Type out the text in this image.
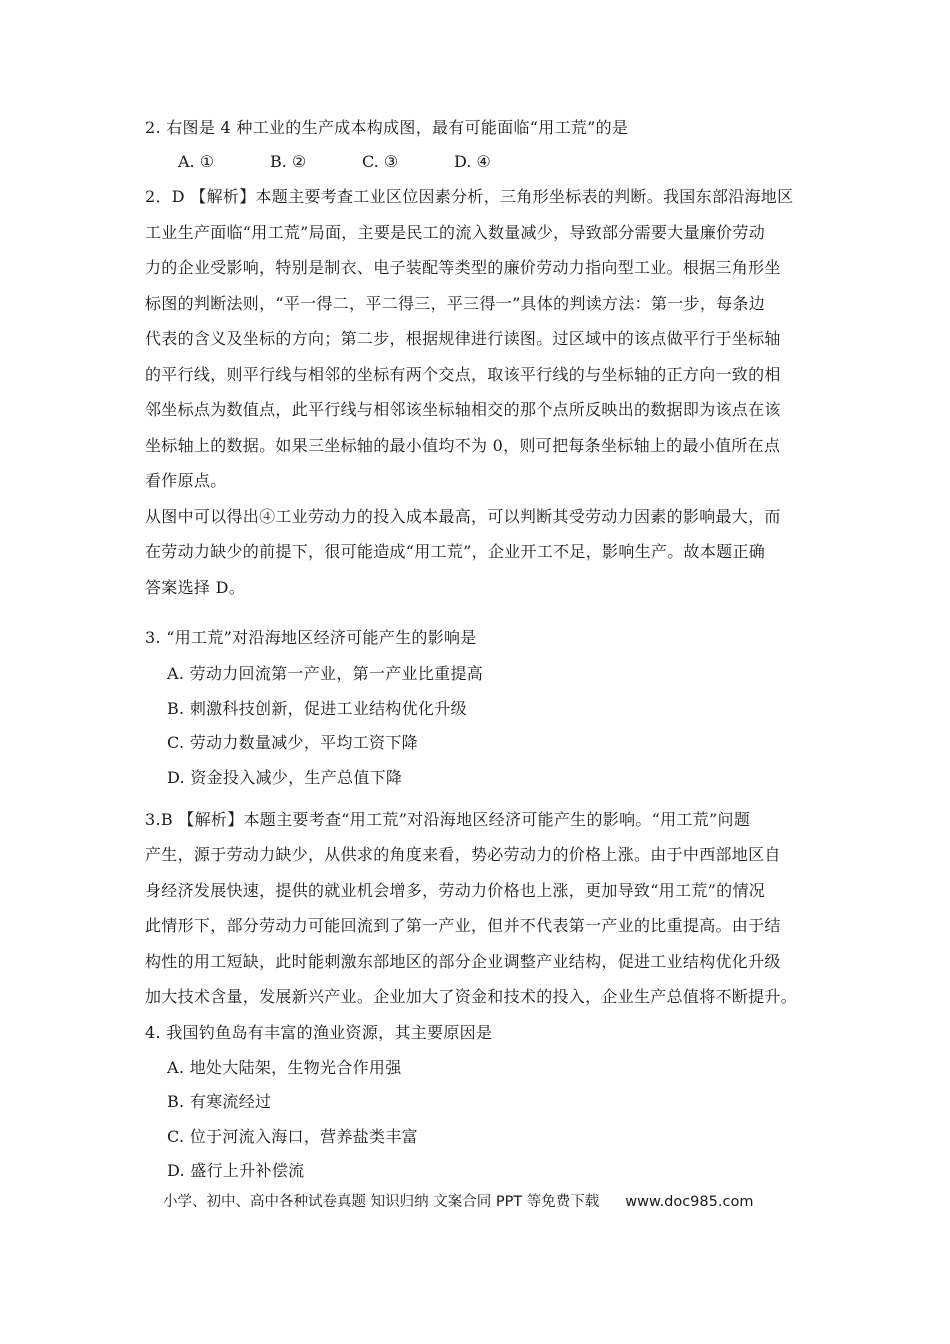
2. 右图是 4 种工业的生产成本构成图，最有可能面临“用工荒”的是
A. ①	B. ②	C. ③	D. ④
2．D 【解析】本题主要考查工业区位因素分析，三角形坐标表的判断。我国东部沿海地区
工业生产面临“用工荒”局面，主要是民工的流入数量减少，导致部分需要大量廉价劳动
力的企业受影响，特别是制衣、电子装配等类型的廉价劳动力指向型工业。根据三角形坐
标图的判断法则，“平一得二，平二得三，平三得一”具体的判读方法：第一步，每条边
代表的含义及坐标的方向；第二步，根据规律进行读图。过区域中的该点做平行于坐标轴
的平行线，则平行线与相邻的坐标有两个交点，取该平行线的与坐标轴的正方向一致的相
邻坐标点为数值点，此平行线与相邻该坐标轴相交的那个点所反映出的数据即为该点在该
坐标轴上的数据。如果三坐标轴的最小值均不为 0，则可把每条坐标轴上的最小值所在点
看作原点。
从图中可以得出④工业劳动力的投入成本最高，可以判断其受劳动力因素的影响最大，而
在劳动力缺少的前提下，很可能造成“用工荒”，企业开工不足，影响生产。故本题正确
答案选择 D。
3. “用工荒”对沿海地区经济可能产生的影响是
A. 劳动力回流第一产业，第一产业比重提高
B. 刺激科技创新，促进工业结构优化升级
C. 劳动力数量减少，平均工资下降
D. 资金投入减少，生产总值下降
3.B 【解析】本题主要考查“用工荒”对沿海地区经济可能产生的影响。“用工荒”问题
产生，源于劳动力缺少，从供求的角度来看，势必劳动力的价格上涨。由于中西部地区自
身经济发展快速，提供的就业机会增多，劳动力价格也上涨，更加导致“用工荒”的情况
此情形下，部分劳动力可能回流到了第一产业，但并不代表第一产业的比重提高。由于结
构性的用工短缺，此时能刺激东部地区的部分企业调整产业结构，促进工业结构优化升级
加大技术含量，发展新兴产业。企业加大了资金和技术的投入，企业生产总值将不断提升。
4. 我国钓鱼岛有丰富的渔业资源，其主要原因是
A. 地处大陆架，生物光合作用强
B. 有寒流经过
C. 位于河流入海口，营养盐类丰富
D. 盛行上升补偿流
小学、初中、高中各种试卷真题 知识归纳 文案合同 PPT 等免费下载 www.doc985.com
